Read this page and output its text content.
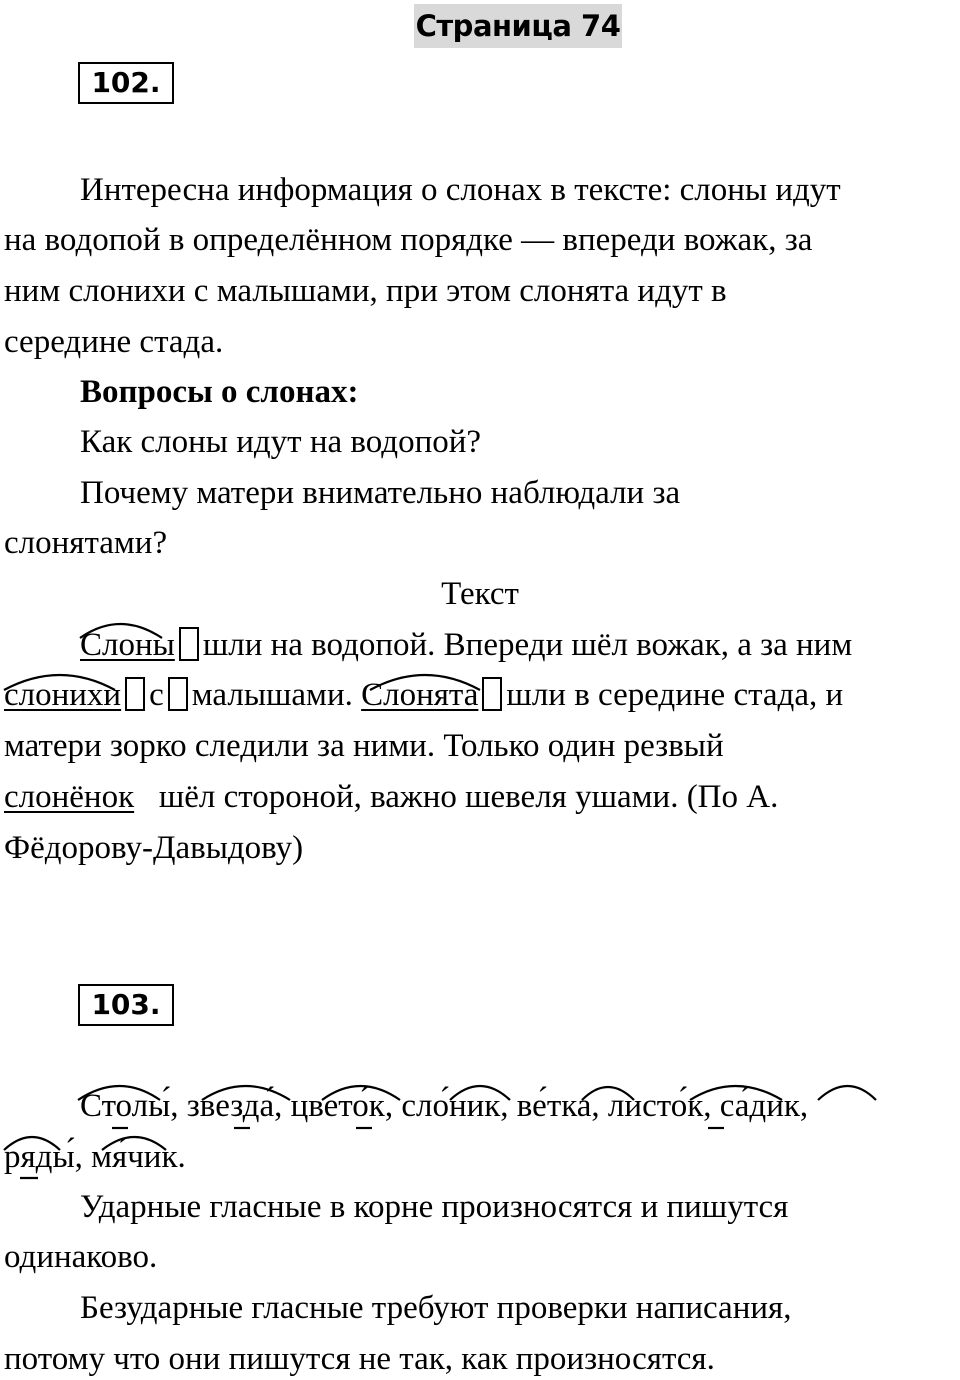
Страница 74
102.
Интересна информация о слонах в тексте: слоны идут
на водопой в определённом порядке — впереди вожак, за
ним слонихи с малышами, при этом слонята идут в
середине стада.
Вопросы о слонах:
Как слоны идут на водопой?
Почему матери внимательно наблюдали за
слонятами?
Текст
Слоны шли на водопой. Впереди шёл вожак, а за ним
слонихи с малышами. Слонята шли в середине стада, и
матери зорко следили за ними. Только один резвый
слонёнок шёл стороной, важно шевеля ушами. (По А.
Фёдорову-Давыдову)
103.
Столы́, звезда́, цвето́к, сло́ник, ве́тка, листо́к, са́дик,
ряды́, мя́чик.
Ударные гласные в корне произносятся и пишутся
одинаково.
Безударные гласные требуют проверки написания,
потому что они пишутся не так, как произносятся.
